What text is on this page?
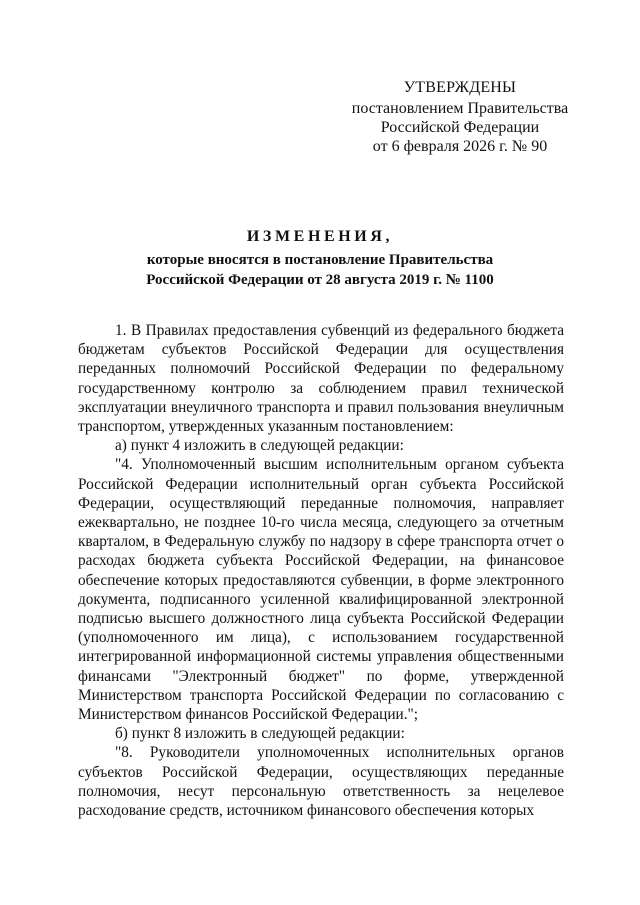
УТВЕРЖДЕНЫ
постановлением Правительства
Российской Федерации
от 6 февраля 2026 г. № 90
ИЗМЕНЕНИЯ,
которые вносятся в постановление Правительства
Российской Федерации от 28 августа 2019 г. № 1100

1. В Правилах предоставления субвенций из федерального бюджета бюджетам субъектов Российской Федерации для осуществления переданных полномочий Российской Федерации по федеральному государственному контролю за соблюдением правил технической эксплуатации внеуличного транспорта и правил пользования внеуличным транспортом, утвержденных указанным постановлением:

а) пункт 4 изложить в следующей редакции:

"4. Уполномоченный высшим исполнительным органом субъекта Российской Федерации исполнительный орган субъекта Российской Федерации, осуществляющий переданные полномочия, направляет ежеквартально, не позднее 10-го числа месяца, следующего за отчетным кварталом, в Федеральную службу по надзору в сфере транспорта отчет о расходах бюджета субъекта Российской Федерации, на финансовое обеспечение которых предоставляются субвенции, в форме электронного документа, подписанного усиленной квалифицированной электронной подписью высшего должностного лица субъекта Российской Федерации (уполномоченного им лица), с использованием государственной интегрированной информационной системы управления общественными финансами "Электронный бюджет" по форме, утвержденной Министерством транспорта Российской Федерации по согласованию с Министерством финансов Российской Федерации.";

б) пункт 8 изложить в следующей редакции:

"8. Руководители уполномоченных исполнительных органов субъектов Российской Федерации, осуществляющих переданные полномочия, несут персональную ответственность за нецелевое расходование средств, источником финансового обеспечения которых
